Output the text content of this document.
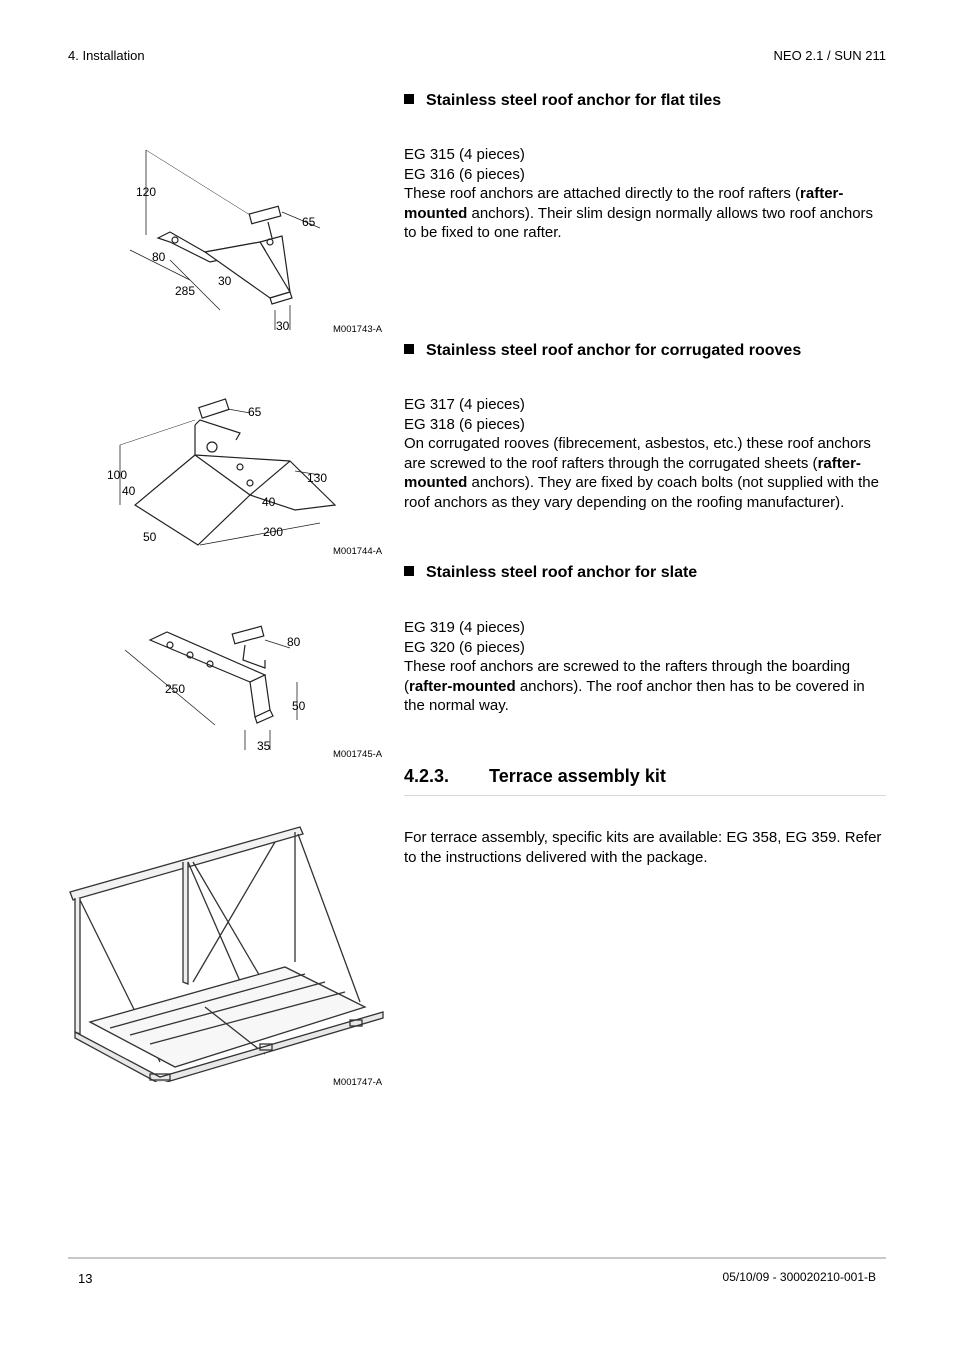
4. Installation	NEO 2.1 / SUN 211
Stainless steel roof anchor for flat tiles

EG 315 (4 pieces)

EG 316 (6 pieces)

These roof anchors are attached directly to the roof rafters (rafter-mounted anchors). Their slim design normally allows two roof anchors to be fixed to one rafter.

120
65
80
30
285
30	M001743-A
Stainless steel roof anchor for corrugated rooves

EG 317 (4 pieces)

EG 318 (6 pieces)

On corrugated rooves (fibrecement, asbestos, etc.) these roof anchors are screwed to the roof rafters through the corrugated sheets (rafter-mounted anchors). They are fixed by coach bolts (not supplied with the roof anchors as they vary depending on the roofing manufacturer).

65
100
40
130
40
200
50
M001744-A
Stainless steel roof anchor for slate

EG 319 (4 pieces)

EG 320 (6 pieces)

These roof anchors are screwed to the rafters through the boarding (rafter-mounted anchors). The roof anchor then has to be covered in the normal way.

80
250
50
35
M001745-A
4.2.3. Terrace assembly kit

For terrace assembly, specific kits are available: EG 358, EG 359. Refer to the instructions delivered with the package.

M001747-A
13	05/10/09 - 300020210-001-B
